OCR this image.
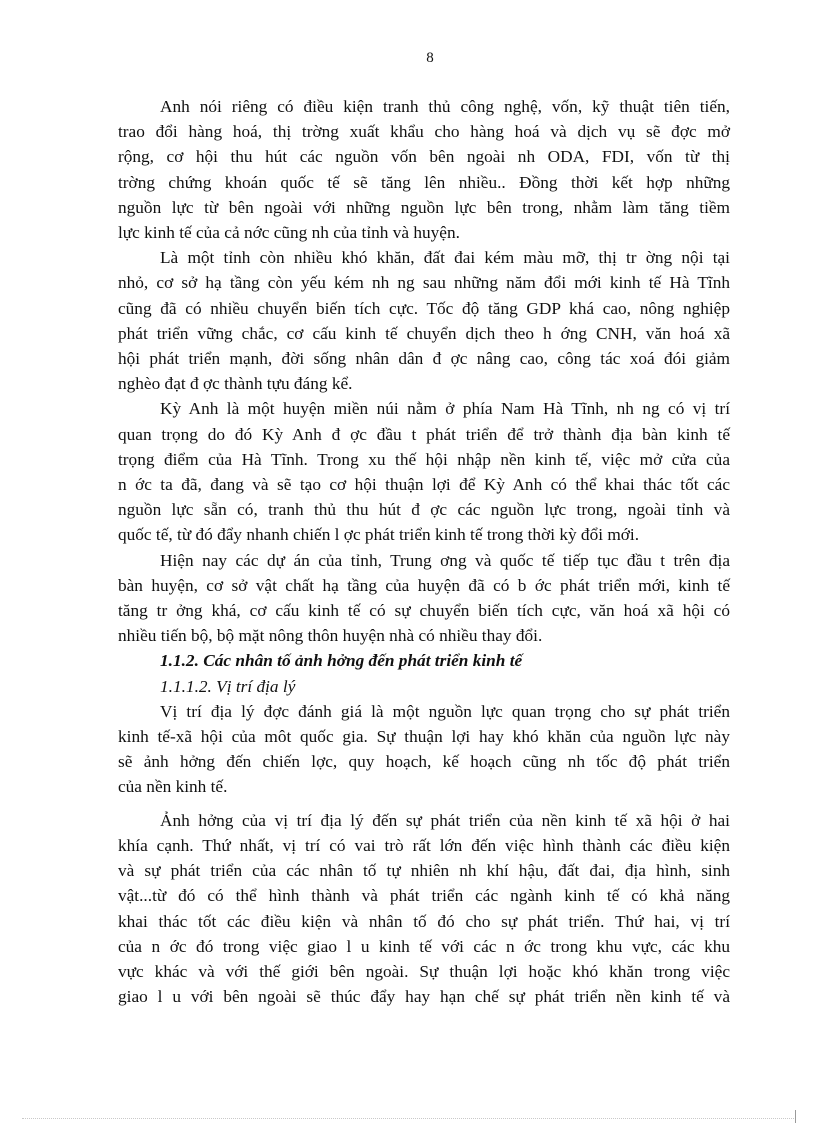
8

Anh nói riêng có điều kiện tranh thủ công nghệ, vốn, kỹ thuật tiên tiến,

trao đổi hàng hoá, thị trờng xuất khẩu cho hàng hoá và dịch vụ sẽ đợc mở
rộng, cơ hội thu hút các nguồn vốn bên ngoài nh ODA, FDI, vốn từ thị
trờng chứng khoán quốc tế sẽ tăng lên nhiều.. Đồng thời kết hợp những
nguồn lực từ bên ngoài với những nguồn lực bên trong, nhằm làm tăng tiềm
lực kinh tế của cả nớc cũng nh của tỉnh và huyện.

Là một tỉnh còn nhiều khó khăn, đất đai kém màu mỡ, thị tr ờng nội tại

nhỏ, cơ sở hạ tầng còn yếu kém nh ng sau những năm đổi mới kinh tế Hà Tĩnh
cũng đã có nhiều chuyển biến tích cực. Tốc độ tăng GDP khá cao, nông nghiệp
phát triển vững chắc, cơ cấu kinh tế chuyển dịch theo h ớng CNH, văn hoá xã
hội phát triển mạnh, đời sống nhân dân đ ợc nâng cao, công tác xoá đói giảm
nghèo đạt đ ợc thành tựu đáng kể.

Kỳ Anh là một huyện miền núi nằm ở phía Nam Hà Tĩnh, nh ng có vị trí

quan trọng do đó Kỳ Anh đ ợc đầu t phát triển để trở thành địa bàn kinh tế
trọng điểm của Hà Tĩnh. Trong xu thế hội nhập nền kinh tế, việc mở cửa của
n ớc ta đã, đang và sẽ tạo cơ hội thuận lợi để Kỳ Anh có thể khai thác tốt các
nguồn lực sẵn có, tranh thủ thu hút đ ợc các nguồn lực trong, ngoài tỉnh và
quốc tế, từ đó đẩy nhanh chiến l ợc phát triển kinh tế trong thời kỳ đổi mới.

Hiện nay các dự án của tỉnh, Trung ơng và quốc tế tiếp tục đầu t trên địa

bàn huyện, cơ sở vật chất hạ tầng của huyện đã có b ớc phát triển mới, kinh tế
tăng tr ởng khá, cơ cấu kinh tế có sự chuyển biến tích cực, văn hoá xã hội có
nhiều tiến bộ, bộ mặt nông thôn huyện nhà có nhiều thay đổi.

1.1.2. Các nhân tố ảnh hởng đến phát triển kinh tế

1.1.1.2. Vị trí địa lý

Vị trí địa lý đợc đánh giá là một nguồn lực quan trọng cho sự phát triển

kinh tế-xã hội của môt quốc gia. Sự thuận lợi hay khó khăn của nguồn lực này
sẽ ảnh hởng đến chiến lợc, quy hoạch, kế hoạch cũng nh tốc độ phát triển
của nền kinh tế.

Ảnh hởng của vị trí địa lý đến sự phát triển của nền kinh tế xã hội ở hai

khía cạnh. Thứ nhất, vị trí có vai trò rất lớn đến việc hình thành các điều kiện
và sự phát triển của các nhân tố tự nhiên nh khí hậu, đất đai, địa hình, sinh
vật...từ đó có thể hình thành và phát triển các ngành kinh tế có khả năng
khai thác tốt các điều kiện và nhân tố đó cho sự phát triển. Thứ hai, vị trí
của n ớc đó trong việc giao l u kinh tế với các n ớc trong khu vực, các khu
vực khác và với thế giới bên ngoài. Sự thuận lợi hoặc khó khăn trong việc
giao l u với bên ngoài sẽ thúc đẩy hay hạn chế sự phát triển nền kinh tế và
